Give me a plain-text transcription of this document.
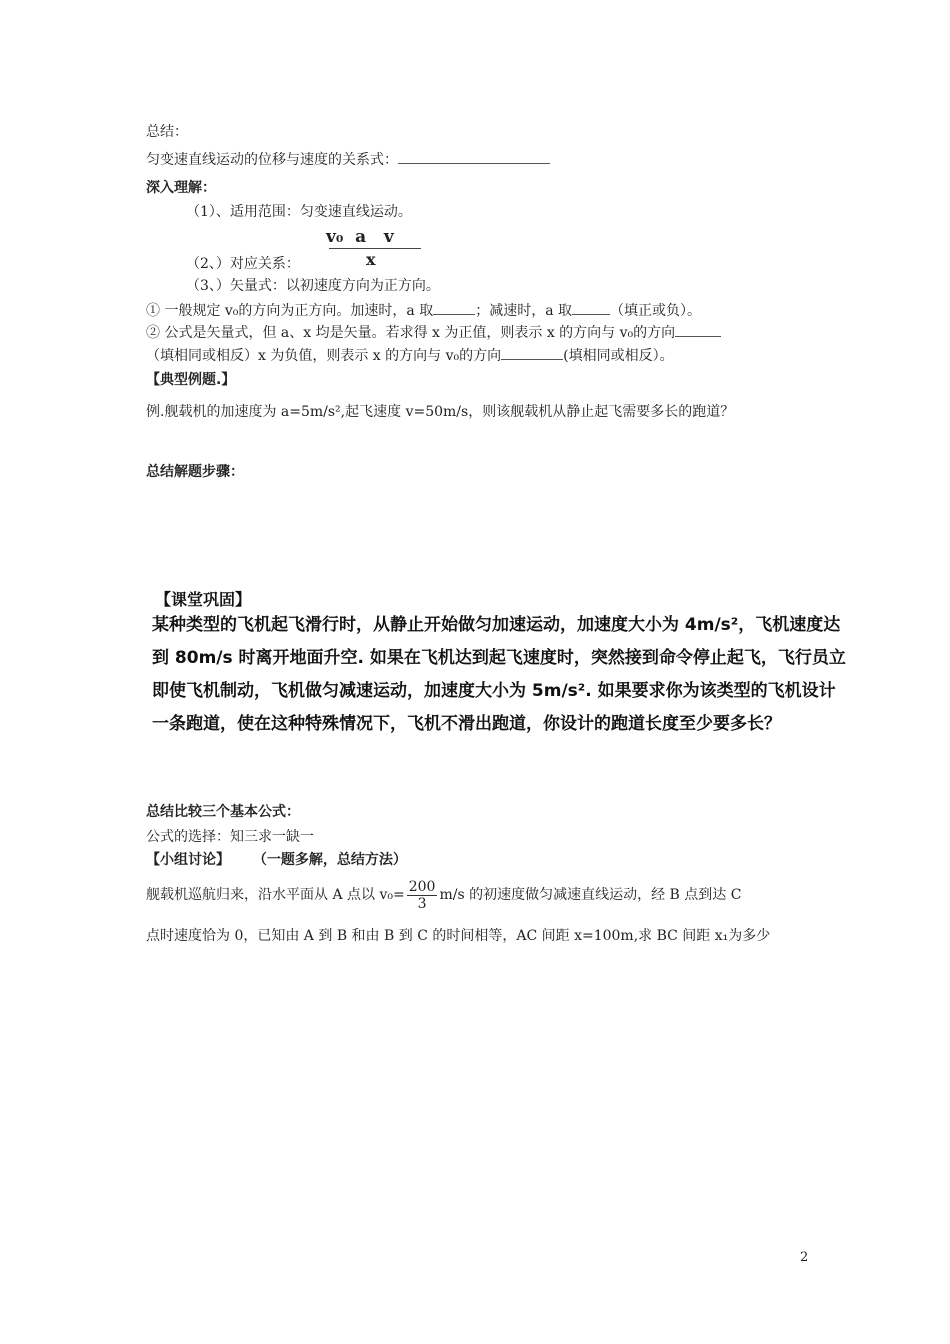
总结：
匀变速直线运动的位移与速度的关系式：
深入理解：
（1）、适用范围：匀变速直线运动。
v₀  a   v
x
（2、）对应关系：
（3、）矢量式：以初速度方向为正方向。
① 一般规定 v₀的方向为正方向。加速时，a 取	；减速时，a 取	（填正或负）。
② 公式是矢量式，但 a、x 均是矢量。若求得 x 为正值，则表示 x 的方向与 v₀的方向
（填相同或相反）x 为负值，则表示 x 的方向与 v₀的方向	(填相同或相反）。
【典型例题.】
例.舰载机的加速度为 a=5m/s²,起飞速度 v=50m/s，则该舰载机从静止起飞需要多长的跑道？
总结解题步骤：
【课堂巩固】
某种类型的飞机起飞滑行时，从静止开始做匀加速运动，加速度大小为 4m/s²，飞机速度达
到 80m/s 时离开地面升空. 如果在飞机达到起飞速度时，突然接到命令停止起飞，飞行员立
即使飞机制动，飞机做匀减速运动，加速度大小为 5m/s². 如果要求你为该类型的飞机设计
一条跑道，使在这种特殊情况下，飞机不滑出跑道，你设计的跑道长度至少要多长？
总结比较三个基本公式：
公式的选择：知三求一缺一
【小组讨论】 （一题多解，总结方法）
舰载机巡航归来，沿水平面从 A 点以 $v_0= \frac{200}{3} m/s$ 的初速度做匀减速直线运动，经 B 点到达 C
点时速度恰为 0，已知由 A 到 B 和由 B 到 C 的时间相等，AC 间距 x=100m,求 BC 间距 x₁为多少
2
